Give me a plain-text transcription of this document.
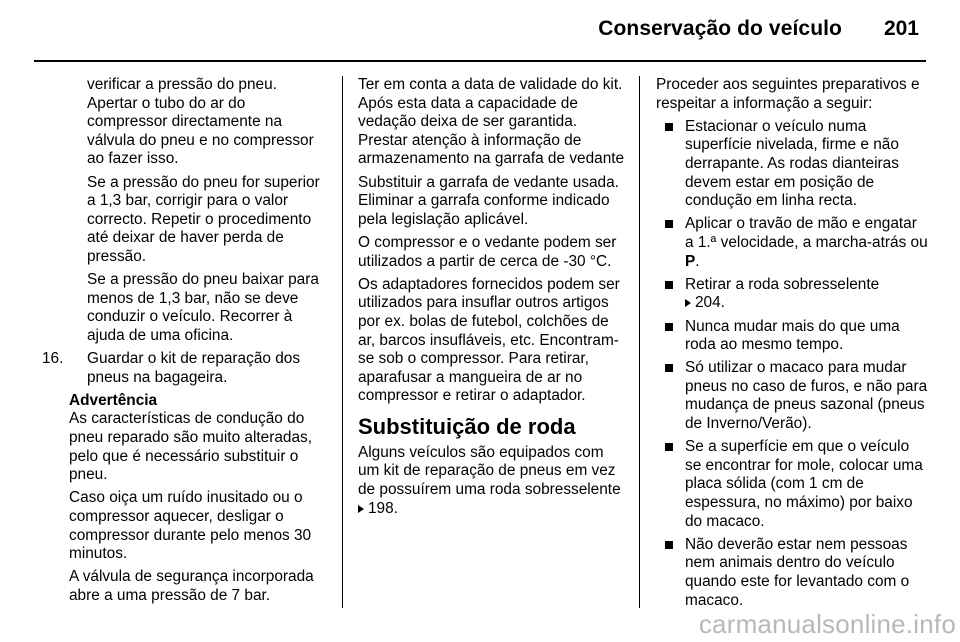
Conservação do veículo 201

verificar a pressão do pneu. Apertar o tubo do ar do compressor directamente na válvula do pneu e no compressor ao fazer isso.

Se a pressão do pneu for superior a 1,3 bar, corrigir para o valor correcto. Repetir o procedimento até deixar de haver perda de pressão.

Se a pressão do pneu baixar para menos de 1,3 bar, não se deve conduzir o veículo. Recorrer à ajuda de uma oficina.

16.	Guardar o kit de reparação dos pneus na bagageira.

Advertência

As características de condução do pneu reparado são muito alteradas, pelo que é necessário substituir o pneu.

Caso oiça um ruído inusitado ou o compressor aquecer, desligar o compressor durante pelo menos 30 minutos.

A válvula de segurança incorporada abre a uma pressão de 7 bar.

Ter em conta a data de validade do kit. Após esta data a capacidade de vedação deixa de ser garantida. Prestar atenção à informação de armazenamento na garrafa de vedante

Substituir a garrafa de vedante usada. Eliminar a garrafa conforme indicado pela legislação aplicável.

O compressor e o vedante podem ser utilizados a partir de cerca de -30 °C.

Os adaptadores fornecidos podem ser utilizados para insuflar outros artigos por ex. bolas de futebol, colchões de ar, barcos insufláveis, etc. Encontram-se sob o compressor. Para retirar, aparafusar a mangueira de ar no compressor e retirar o adaptador.

Substituição de roda

Alguns veículos são equipados com um kit de reparação de pneus em vez de possuírem uma roda sobresselente 198.

Proceder aos seguintes preparativos e respeitar a informação a seguir:

Estacionar o veículo numa superfície nivelada, firme e não derrapante. As rodas dianteiras devem estar em posição de condução em linha recta.
Aplicar o travão de mão e engatar a 1.ª velocidade, a marcha-atrás ou P.
Retirar a roda sobresselente
204.
Nunca mudar mais do que uma roda ao mesmo tempo.
Só utilizar o macaco para mudar pneus no caso de furos, e não para mudança de pneus sazonal (pneus de Inverno/Verão).
Se a superfície em que o veículo se encontrar for mole, colocar uma placa sólida (com 1 cm de espessura, no máximo) por baixo do macaco.
Não deverão estar nem pessoas nem animais dentro do veículo quando este for levantado com o macaco.
carmanualsonline.info
